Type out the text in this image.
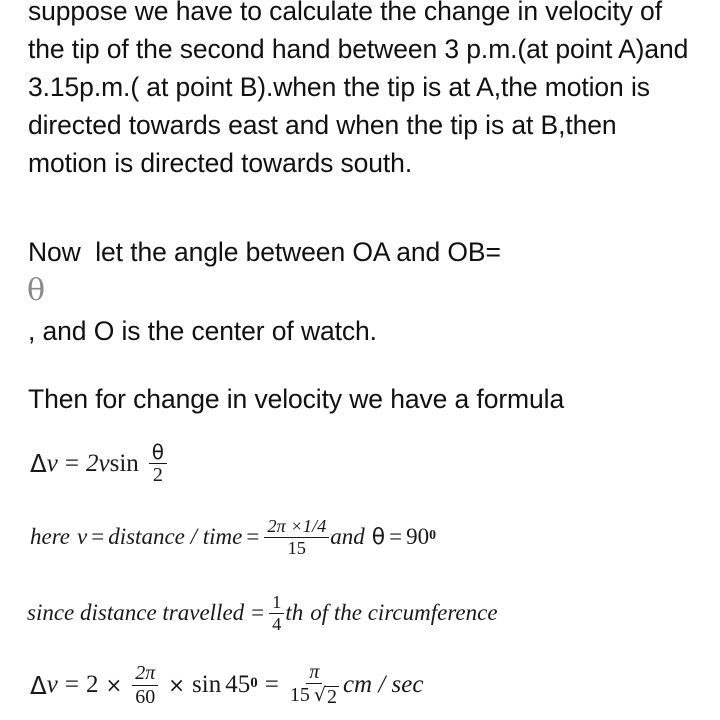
suppose we have to calculate the change in velocity of the tip of the second hand between 3 p.m.(at point A)and 3.15p.m.( at point B).when the tip is at A,the motion is directed towards east and when the tip is at B,then motion is directed towards south.
Now  let the angle between OA and OB=
θ
, and O is the center of watch.
Then for change in velocity we have a formula
Δ v = 2 v $\sin \frac{\theta}{2}$
here v = distance / time = $\frac{2\pi \times 1/4}{15}$ and θ = 90 0
since distance travelled = $\frac{1}{4}$ th of the circumference
Δ $v = 2 \times \frac{2\pi}{60} \times \sin 45$ $0 = \frac{\pi}{15 √ 2}$ cm / sec
